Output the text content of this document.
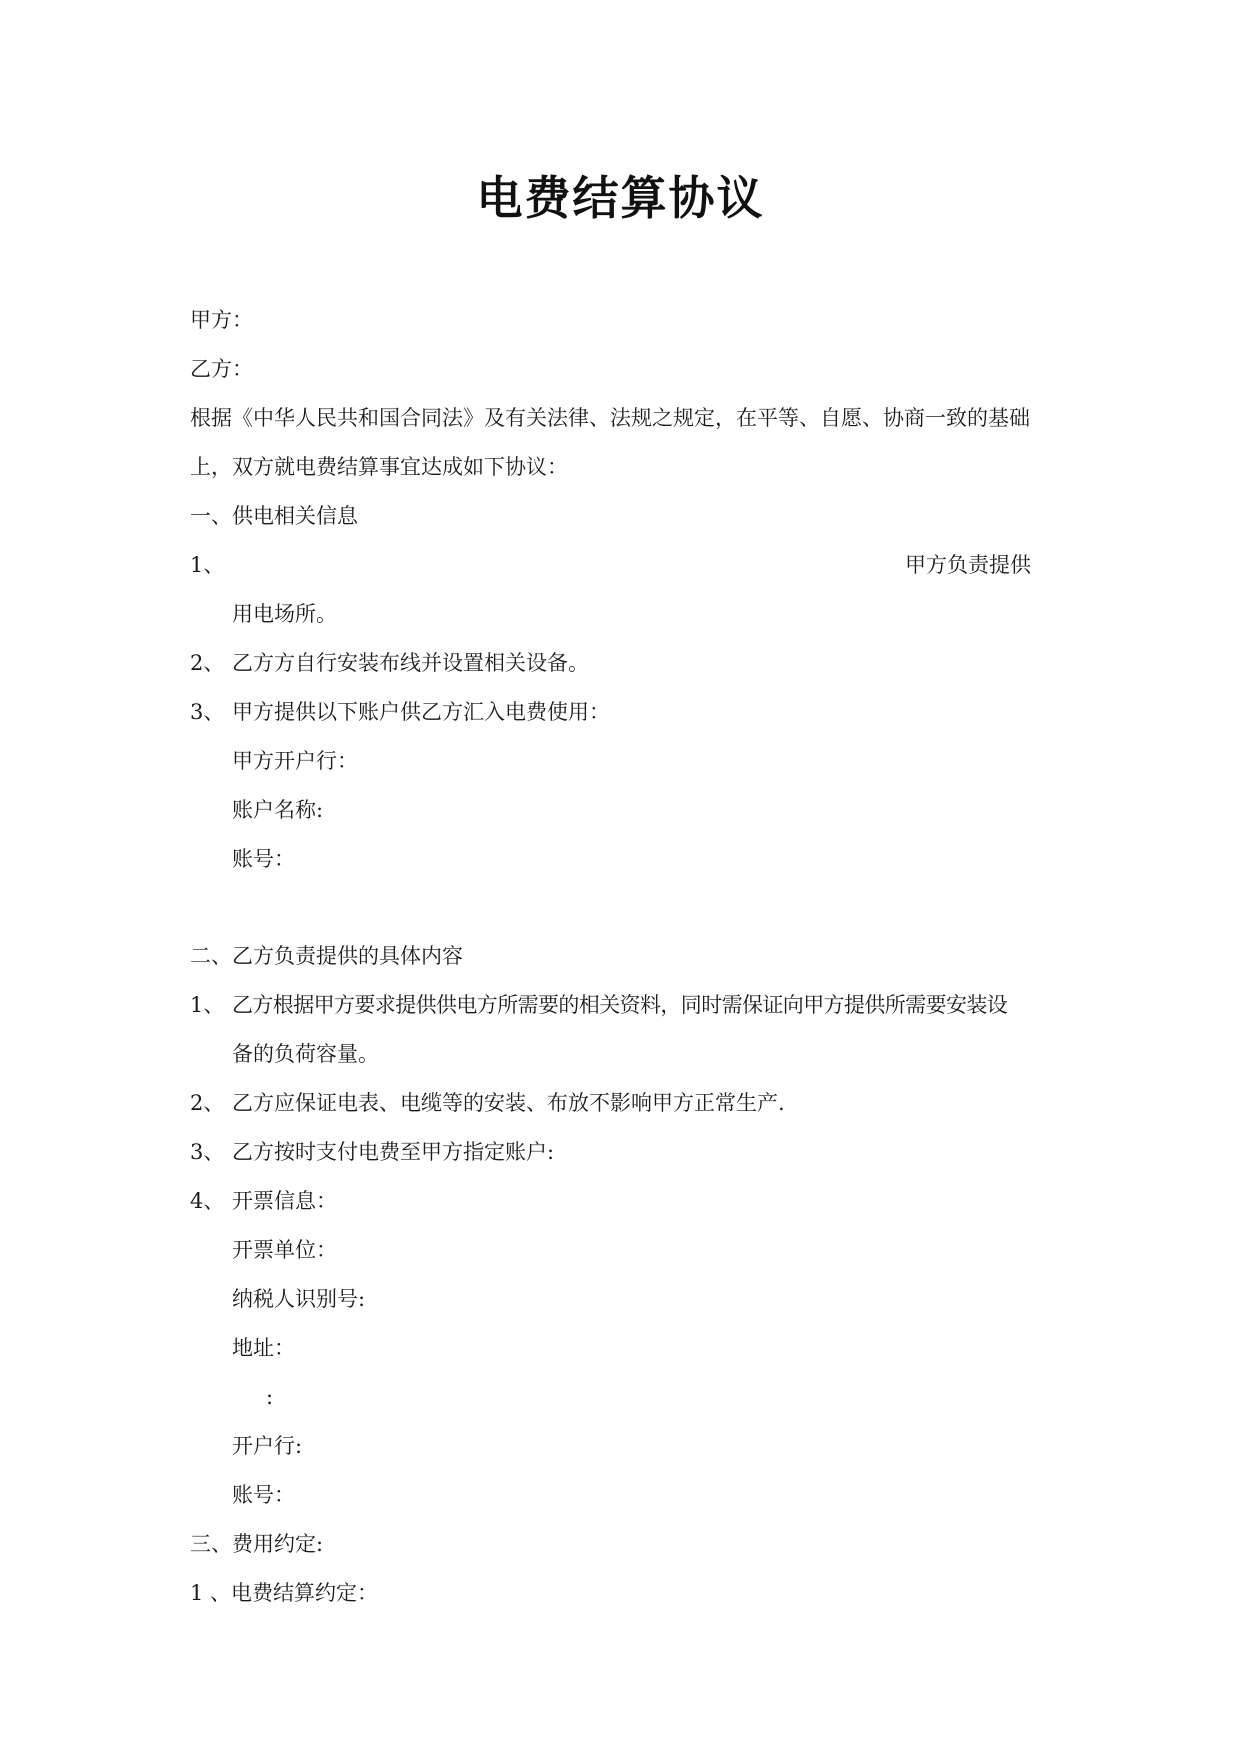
电费结算协议
甲方：
乙方：
根据《中华人民共和国合同法》及有关法律、法规之规定，在平等、自愿、协商一致的基础
上，双方就电费结算事宜达成如下协议：
一、供电相关信息
1、	甲方负责提供
用电场所。
2、 乙方方自行安装布线并设置相关设备。
3、 甲方提供以下账户供乙方汇入电费使用：
甲方开户行：
账户名称:
账号：
二、乙方负责提供的具体内容
1、 乙方根据甲方要求提供供电方所需要的相关资料，同时需保证向甲方提供所需要安装设
备的负荷容量。
2、 乙方应保证电表、电缆等的安装、布放不影响甲方正常生产.
3、 乙方按时支付电费至甲方指定账户:
4、 开票信息：
开票单位：
纳税人识别号:
地址：
:
开户行:
账号：
三、费用约定:
1 、电费结算约定：
